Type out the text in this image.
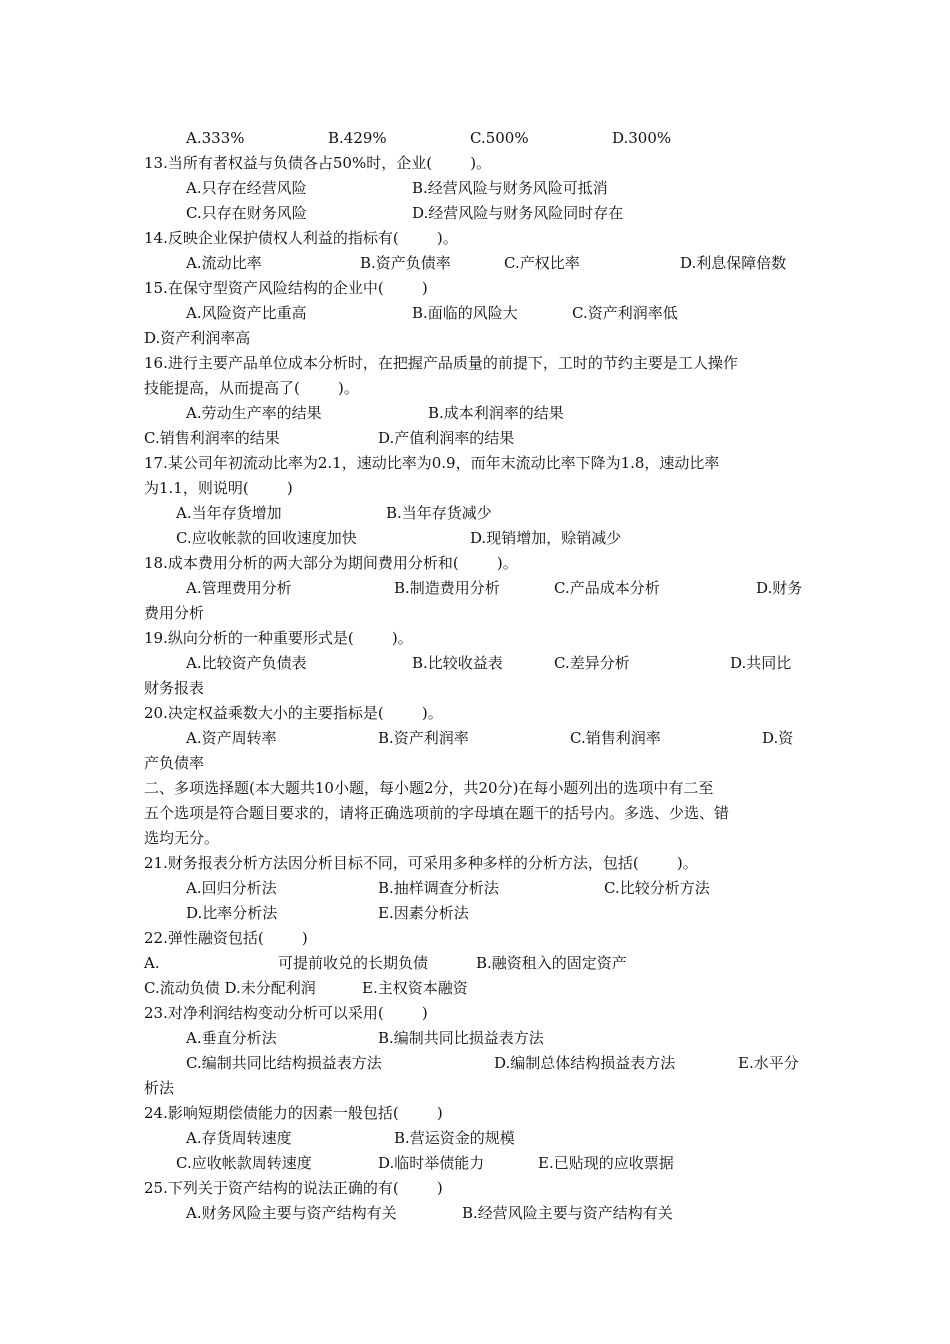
A.333%	B.429%	C.500%	D.300%
13.当所有者权益与负债各占50%时，企业(        )。
A.只存在经营风险	B.经营风险与财务风险可抵消
C.只存在财务风险	D.经营风险与财务风险同时存在
14.反映企业保护债权人利益的指标有(        )。
A.流动比率	B.资产负债率	C.产权比率	D.利息保障倍数
15.在保守型资产风险结构的企业中(        )
A.风险资产比重高	B.面临的风险大	C.资产利润率低
D.资产利润率高
16.进行主要产品单位成本分析时，在把握产品质量的前提下，工时的节约主要是工人操作
技能提高，从而提高了(        )。
A.劳动生产率的结果	B.成本利润率的结果
C.销售利润率的结果	D.产值利润率的结果
17.某公司年初流动比率为2.1，速动比率为0.9，而年末流动比率下降为1.8，速动比率
为1.1，则说明(        )
A.当年存货增加	B.当年存货减少
C.应收帐款的回收速度加快	D.现销增加，赊销减少
18.成本费用分析的两大部分为期间费用分析和(        )。
A.管理费用分析	B.制造费用分析	C.产品成本分析	D.财务
费用分析
19.纵向分析的一种重要形式是(        )。
A.比较资产负债表	B.比较收益表	C.差异分析	D.共同比
财务报表
20.决定权益乘数大小的主要指标是(        )。
A.资产周转率	B.资产利润率	C.销售利润率	D.资
产负债率
二、多项选择题(本大题共10小题，每小题2分，共20分)在每小题列出的选项中有二至
五个选项是符合题目要求的，请将正确选项前的字母填在题干的括号内。多选、少选、错
选均无分。
21.财务报表分析方法因分析目标不同，可采用多种多样的分析方法，包括(        )。
A.回归分析法	B.抽样调查分析法	C.比较分析方法
D.比率分析法	E.因素分析法
22.弹性融资包括(        )
A.	可提前收兑的长期负债	B.融资租入的固定资产
C.流动负债 D.未分配利润	E.主权资本融资
23.对净利润结构变动分析可以采用(        )
A.垂直分析法	B.编制共同比损益表方法
C.编制共同比结构损益表方法	D.编制总体结构损益表方法	E.水平分
析法
24.影响短期偿债能力的因素一般包括(        )
A.存货周转速度	B.营运资金的规模
C.应收帐款周转速度	D.临时举债能力	E.已贴现的应收票据
25.下列关于资产结构的说法正确的有(        )
A.财务风险主要与资产结构有关	B.经营风险主要与资产结构有关
